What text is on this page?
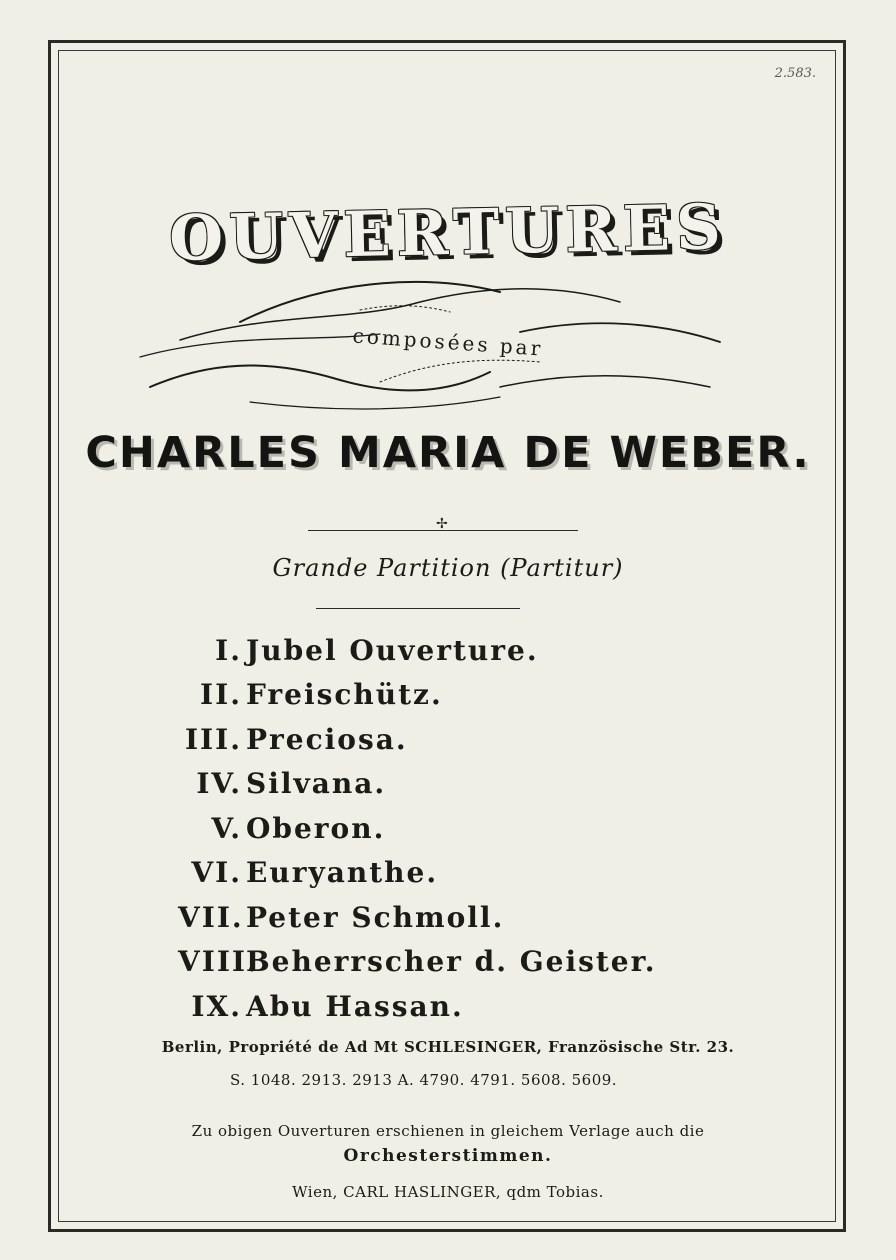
2.583.
OUVERTURES
composées par
CHARLES MARIA DE WEBER.
✢
Grande Partition (Partitur)
I. Jubel Ouverture.
II. Freischütz.
III. Preciosa.
IV. Silvana.
V. Oberon.
VI. Euryanthe.
VII. Peter Schmoll.
VIII.
Beherrscher d. Geister.
IX. Abu Hassan.
Berlin, Propriété de Ad Mt SCHLESINGER, Französische Str. 23.
S. 1048. 2913. 2913 A. 4790. 4791. 5608. 5609.
Zu obigen Ouverturen erschienen in gleichem Verlage auch die
Orchesterstimmen.
Wien, CARL HASLINGER, qdm Tobias.
